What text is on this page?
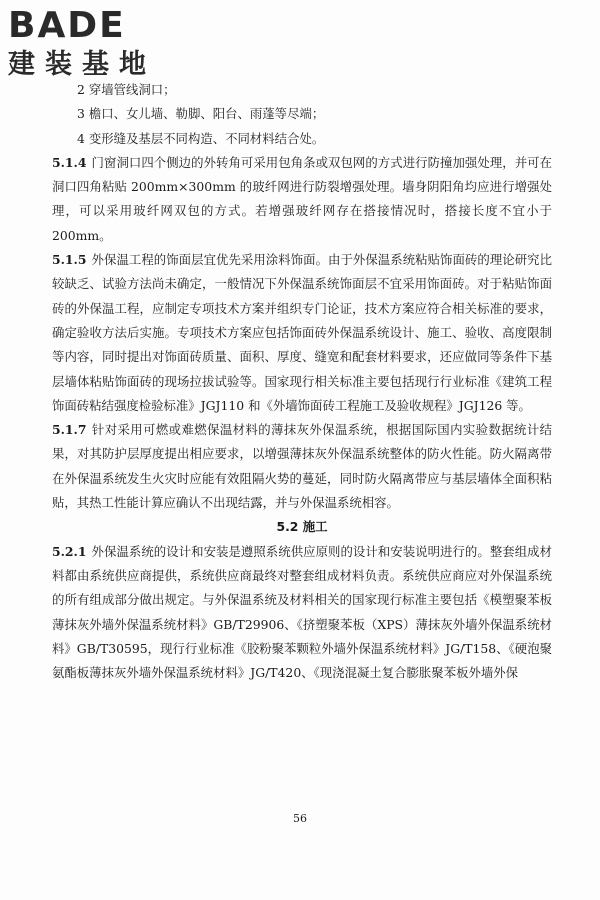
BADE
建装基地

2 穿墙管线洞口；

3 檐口、女儿墙、勒脚、阳台、雨蓬等尽端；

4 变形缝及基层不同构造、不同材料结合处。

5.1.4 门窗洞口四个侧边的外转角可采用包角条或双包网的方式进行防撞加强处理，并可在洞口四角粘贴 200mm×300mm 的玻纤网进行防裂增强处理。墙身阴阳角均应进行增强处理，可以采用玻纤网双包的方式。若增强玻纤网存在搭接情况时，搭接长度不宜小于 200mm。

5.1.5 外保温工程的饰面层宜优先采用涂料饰面。由于外保温系统粘贴饰面砖的理论研究比较缺乏、试验方法尚未确定，一般情况下外保温系统饰面层不宜采用饰面砖。对于粘贴饰面砖的外保温工程，应制定专项技术方案并组织专门论证，技术方案应符合相关标准的要求，确定验收方法后实施。专项技术方案应包括饰面砖外保温系统设计、施工、验收、高度限制等内容，同时提出对饰面砖质量、面积、厚度、缝宽和配套材料要求，还应做同等条件下基层墙体粘贴饰面砖的现场拉拔试验等。国家现行相关标准主要包括现行行业标准《建筑工程饰面砖粘结强度检验标准》JGJ110 和《外墙饰面砖工程施工及验收规程》JGJ126 等。

5.1.7 针对采用可燃或难燃保温材料的薄抹灰外保温系统，根据国际国内实验数据统计结果，对其防护层厚度提出相应要求，以增强薄抹灰外保温系统整体的防火性能。防火隔离带在外保温系统发生火灾时应能有效阻隔火势的蔓延，同时防火隔离带应与基层墙体全面积粘贴，其热工性能计算应确认不出现结露，并与外保温系统相容。

5.2 施工

5.2.1 外保温系统的设计和安装是遵照系统供应原则的设计和安装说明进行的。整套组成材料都由系统供应商提供，系统供应商最终对整套组成材料负责。系统供应商应对外保温系统的所有组成部分做出规定。与外保温系统及材料相关的国家现行标准主要包括《模塑聚苯板薄抹灰外墙外保温系统材料》GB/T29906、《挤塑聚苯板（XPS）薄抹灰外墙外保温系统材料》GB/T30595，现行行业标准《胶粉聚苯颗粒外墙外保温系统材料》JG/T158、《硬泡聚氨酯板薄抹灰外墙外保温系统材料》JG/T420、《现浇混凝土复合膨胀聚苯板外墙外保

56
